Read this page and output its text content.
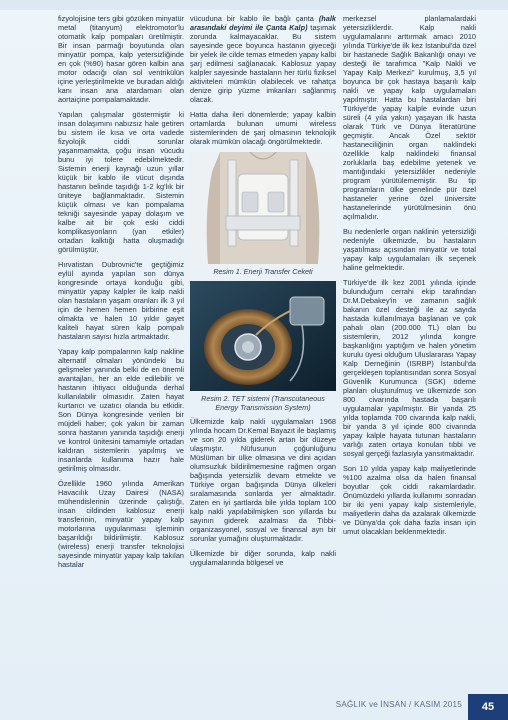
fizyolojisine ters gibi gözüken minyatür metal (titanyum) elektromotor'lu otomatik kalp pompaları üretilmiştir. Bir insan parmağı boyutunda olan minyatür pompa, kalp yetersizliğinde en çok (%90) hasar gören kalbin ana motor odacığı olan sol ventrikülün içine yerleştirilmekte ve buradan aldığı kanı insan ana atardamarı olan aortaiçine pompalamaktadır.

Yapılan çalışmalar göstermiştir ki insan dolaşımını nabızsız hale getiren bu sistem ile kısa ve orta vadede fizyolojik ciddi sorunlar yaşanmamakta, çoğu insan vücudu bunu iyi tolere edebilmektedir. Sistemin enerji kaynağı uzun yıllar küçük bir kablo ile vücut dışında hastanın belinde taşıdığı 1-2 kg'lık bir üniteye bağlanmaktadır. Sistemin küçük olması ve kan pompalama tekniği sayesinde yapay dolaşım ve kalbe ait bir çok eski ciddi komplikasyonların (yan etkiler) ortadan kalktığı hatta oluşmadığı görülmüştür.

Hırvatistan Dubrovnic'te geçtiğimiz eylül ayında yapılan son dünya kongresinde ortaya konduğu gibi, minyatür yapay kalpler ile kalp nakli olan hastaların yaşam oranları ilk 3 yıl için de hemen hemen birbirine eşit olmakta ve halen 10 yıldır gayet kaliteli hayat süren kalp pompalı hastaların sayısı hızla artmaktadır.

Yapay kalp pompalarının kalp nakline alternatif olmaları yönündeki bu gelişmeler yanında belki de en önemli avantajları, her an elde edilebilir ve hastanın ihtiyacı olduğunda derhal kullanılabilir olmasıdır. Zaten hayat kurtarıcı ve uzatıcı olanda bu etkidir. Son Dünya kongresinde verilen bir müjdeli haber; çok yakın bir zaman sonra hastanın yanında taşıdığı enerji ve kontrol ünitesini tamamiyle ortadan kaldıran sistemlerin yapılmış ve insanlarda kullanıma hazır hale getirilmiş olmasıdır.

Özellikle 1960 yılında Amerikan Havacılık Uzay Dairesi (NASA) mühendislerinin üzerinde çalıştığı, insan cildinden kablosuz enerji transferinin, minyatür yapay kalp motorlarına uygulanması işleminin başarıldığı bildirilmiştir. Kablosuz (wireless) enerji transfer teknolojisi sayesinde minyatür yapay kalp takılan hastalar

vücuduna bir kablo ile bağlı çanta (halk arasındaki deyimi ile Çanta Kalp) taşımak zorunda kalmayacaklar. Bu sistem sayesinde gece boyunca hastanın giyeceği bir yelek ile cilde temas etmeden yapay kalbi şarj edilmesi sağlanacak. Kablosuz yapay kalpler sayesinde hastaların her türlü fiziksel aktiviteleri mümkün olabilecek ve rahatça denize girip yüzme imkanları sağlanmış olacak.

Hatta daha ileri dönemlerde; yapay kalbin ortamlarda bulunan umumi wireless sistemlerinden de şarj olmasının teknolojik olarak mümkün olacağı öngörülmektedir.

Resim 1. Enerji Transfer Ceketi
Resim 2. TET sistemi (Transcutaneous Energy Transmission System)

Ülkemizde kalp nakli uygulamaları 1968 yılında hocam Dr.Kemal Bayazıt ile başlamış ve son 20 yılda giderek artan bir düzeye ulaşmıştır. Nüfusunun çoğunluğunu Müslüman bir ülke olmasına ve dini açıdan olumsuzluk bildirilmemesine rağmen organ bağışında yetersizlik devam etmekte ve Türkiye organ bağışında Dünya ülkeleri sıralamasında sonlarda yer almaktadır. Zaten en iyi şartlarda bile yılda toplam 100 kalp nakli yapılabilmişken son yıllarda bu sayının giderek azalması da Tıbbi-organizasyonel, sosyal ve finansal ayrı bir sorunlar yumağını oluşturmaktadır.

Ülkemizde bir diğer sorunda, kalp nakli uygulamalarında bölgesel ve

merkezsel planlamalardaki yetersizliklerdir. Kalp nakli uygulamalarını arttırmak amacı 2010 yılında Türkiye'de ilk kez İstanbul'da özel bir hastanede Sağlık Bakanlığı onayı ve desteği ile tarafımca "Kalp Nakli ve Yapay Kalp Merkezi" kurulmuş, 3,5 yıl boyunca bir çok hastaya başarılı kalp nakli ve yapay kalp uygulamaları yapılmıştır. Hatta bu hastalardan biri Türkiye'de yapay kalple evinde uzun süreli (4 yıla yakın) yaşayan ilk hasta olarak Türk ve Dünya literatürüne geçmiştir. Ancak Özel sektör hastaneciliğinin organ naklindeki özellikle kalp naklindeki finansal zorluklarla baş edebilme yetenek ve mantığındaki yetersizlikler nedeniyle program yürütülememiştir. Bu tip programların ülke genelinde pür özel hastaneler yerine özel üniversite hastanelerinde yürütülmesinin önü açılmalıdır.

Bu nedenlerle organ naklinin yetersizliği nedeniyle ülkemizde, bu hastaların yaşatılması açısından minyatür ve total yapay kalp uygulamaları ilk seçenek haline gelmektedir.

Türkiye'de ilk kez 2001 yılında içinde bulunduğum cerrahi ekip tarafından Dr.M.Debakey'in ve zamanın sağlık bakanın özel desteği ile az sayıda hastada kullanılmaya başlanan ve çok pahalı olan (200.000 TL) olan bu sistemlerin, 2012 yılında kongre başkanlığını yaptığım ve halen yönetim kurulu üyesi olduğum Uluslararası Yapay Kalp Derneğinin (ISRBP) İstanbul'da gerçekleşen toplantısından sonra Sosyal Güvenlik Kurumunca (SGK) ödeme planları oluşturulmuş ve ülkemizde son 800 civarında hastada başarılı uygulamalar yapılmıştır. Bir yanda 25 yılda toplamda 700 civarında kalp nakli, bir yanda 3 yıl içinde 800 civarında yapay kalple hayata tutunan hastaların varlığı zaten ortaya konulan tıbbi ve sosyal gerçeği fazlasıyla yansıtmaktadır.

Son 10 yılda yapay kalp maliyetlerinde %100 azalma olsa da halen finansal boyutlar çok ciddi rakamlardadır. Önümüzdeki yıllarda kullanımı sonradan bir iki yeni yapay kalp sistemleriyle, maliyetlerin daha da azalarak ülkemizde ve Dünya'da çok daha fazla insan için umut olacakları beklenmektedir.

SAĞLIK ve İNSAN / KASIM 2015	45
